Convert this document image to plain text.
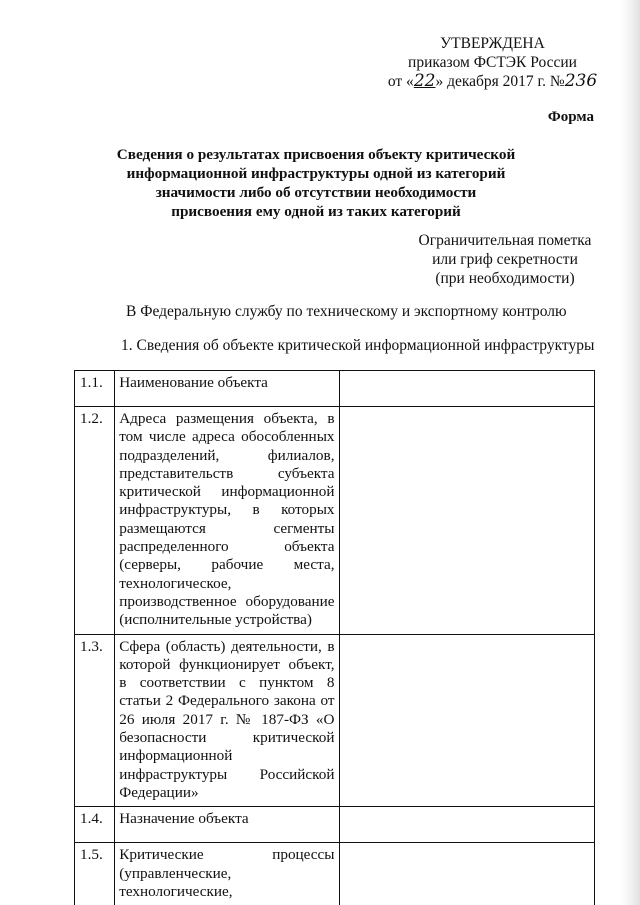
УТВЕРЖДЕНА
приказом ФСТЭК России
от «22» декабря 2017 г. №236
Форма
Сведения о результатах присвоения объекту критической
информационной инфраструктуры одной из категорий
значимости либо об отсутствии необходимости
присвоения ему одной из таких категорий
Ограничительная пометка
или гриф секретности
(при необходимости)
В Федеральную службу по техническому и экспортному контролю
1. Сведения об объекте критической информационной инфраструктуры
1.1.	Наименование объекта	
1.2.	Адреса размещения объекта, в том числе адреса обособленных подразделений, филиалов, представительств субъекта критической информационной инфраструктуры, в которых размещаются сегменты распределенного объекта (серверы, рабочие места, технологическое, производственное оборудование (исполнительные устройства)	
1.3.	Сфера (область) деятельности, в которой функционирует объект, в соответствии с пунктом 8 статьи 2 Федерального закона от 26 июля 2017 г. № 187-ФЗ «О безопасности критической информационной инфраструктуры Российской Федерации»	
1.4.	Назначение объекта	
1.5.	Критические процессы (управленческие, технологические,	
